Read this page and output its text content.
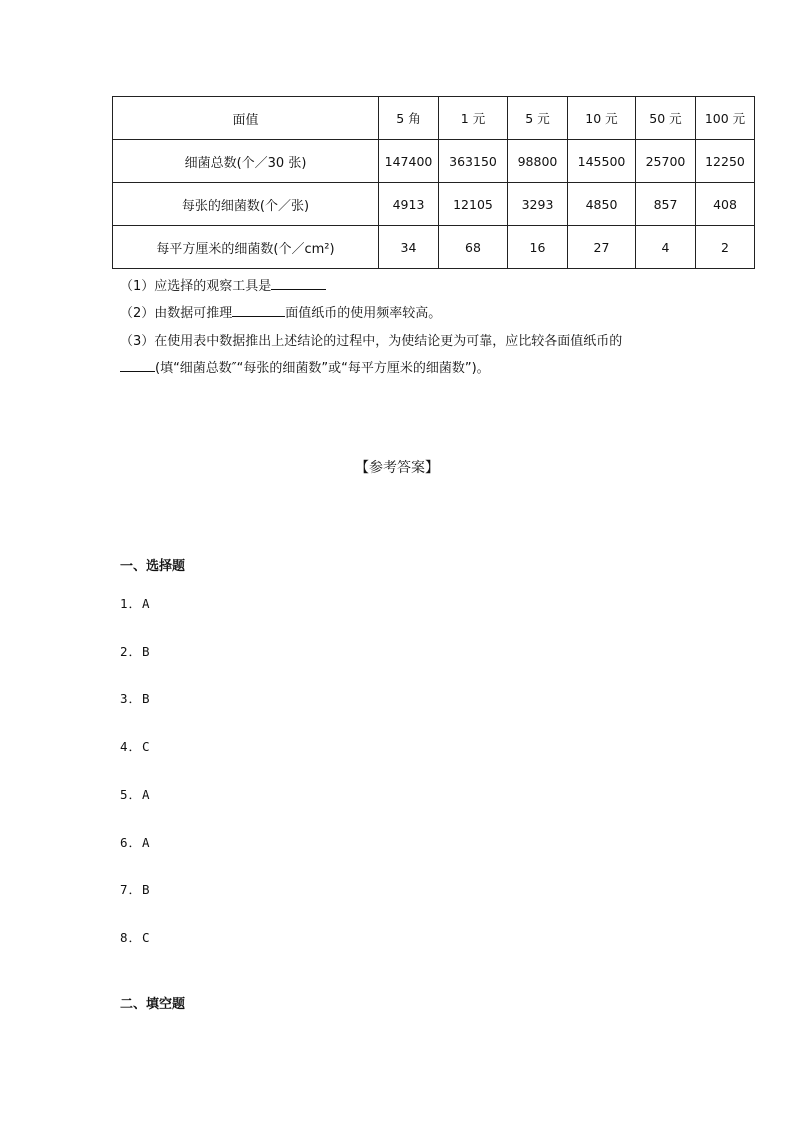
面值	5 角	1 元	5 元	10 元	50 元	100 元
细菌总数(个／30 张)	147400	363150	98800	145500	25700	12250
每张的细菌数(个／张)	4913	12105	3293	4850	857	408
每平方厘米的细菌数(个／cm²)	34	68	16	27	4	2
（1）应选择的观察工具是
（2）由数据可推理	面值纸币的使用频率较高。
（3）在使用表中数据推出上述结论的过程中，为使结论更为可靠，应比较各面值纸币的
(填“细菌总数″“每张的细菌数”或“每平方厘米的细菌数”)。
【参考答案】
一、选择题
1．A
2．B
3．B
4．C
5．A
6．A
7．B
8．C
二、填空题
